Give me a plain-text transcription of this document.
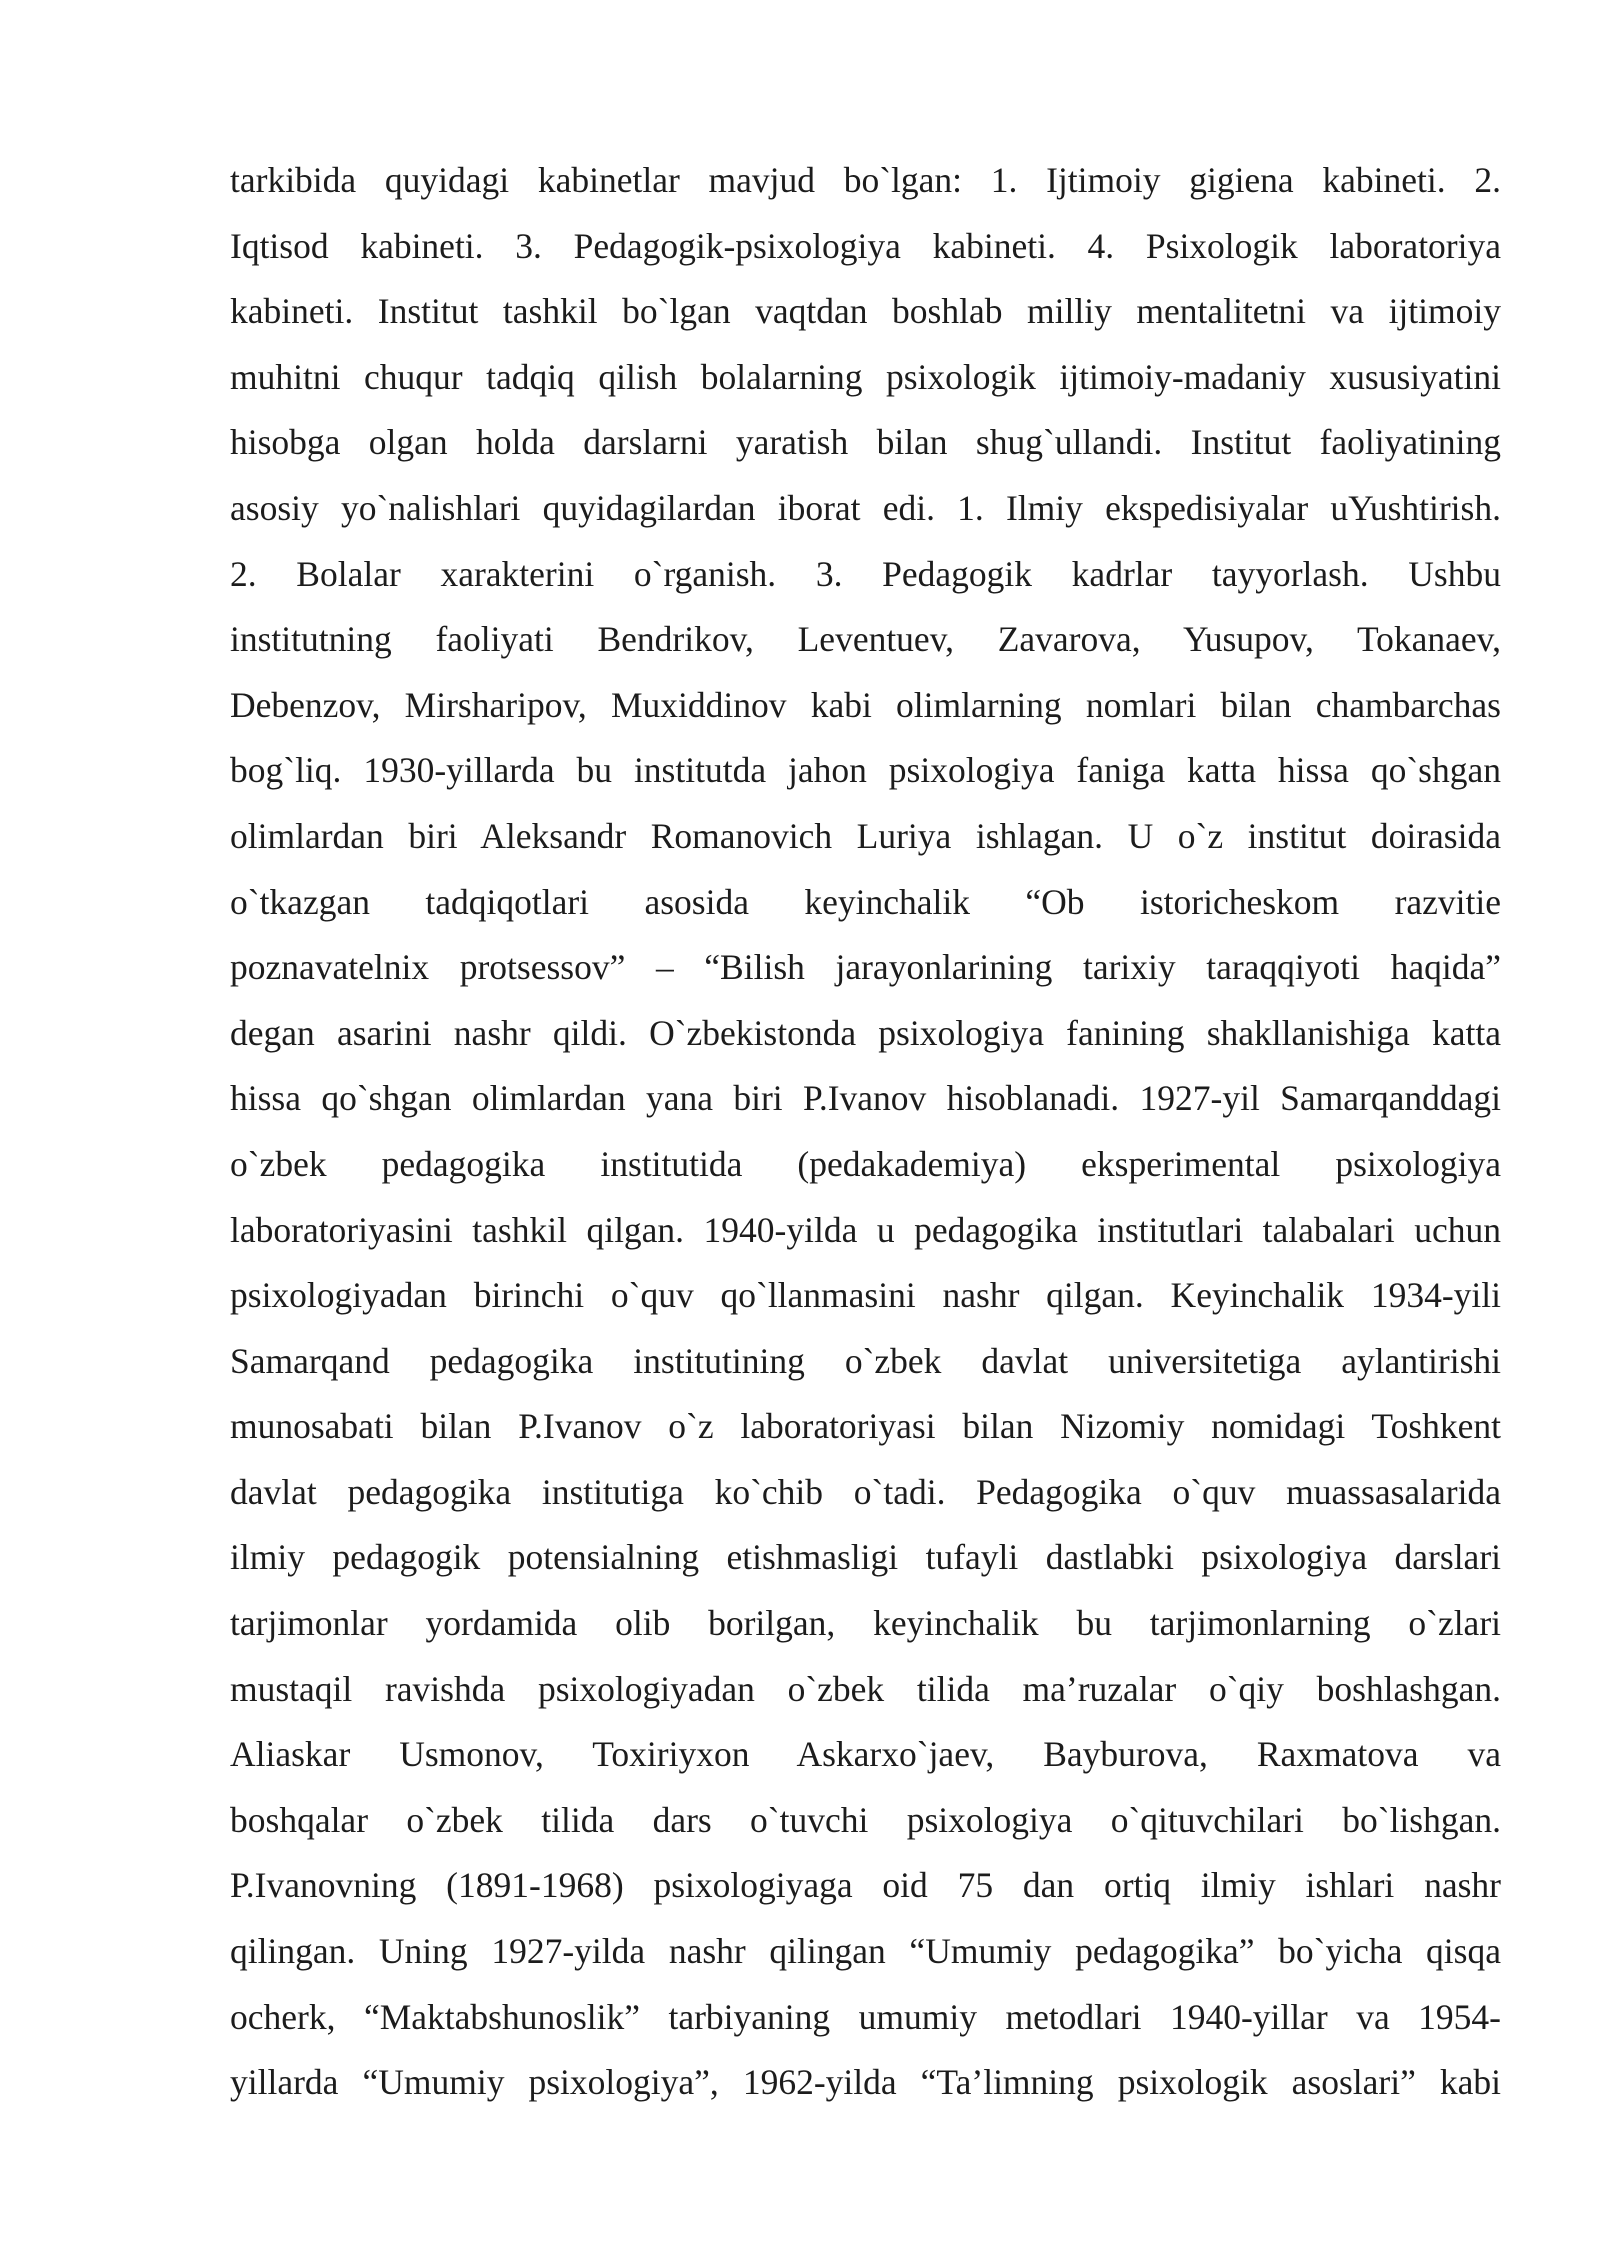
tarkibida quyidagi kabinetlar mavjud bo`lgan: 1. Ijtimoiy gigiena kabineti. 2.
Iqtisod kabineti. 3. Pedagogik-psixologiya kabineti. 4. Psixologik laboratoriya
kabineti. Institut tashkil bo`lgan vaqtdan boshlab milliy mentalitetni va ijtimoiy
muhitni chuqur tadqiq qilish bolalarning psixologik ijtimoiy-madaniy xususiyatini
hisobga olgan holda darslarni yaratish bilan shug`ullandi. Institut faoliyatining
asosiy yo`nalishlari quyidagilardan iborat edi. 1. Ilmiy ekspedisiyalar uYushtirish.
2. Bolalar xarakterini o`rganish. 3. Pedagogik kadrlar tayyorlash. Ushbu
institutning faoliyati Bendrikov, Leventuev, Zavarova, Yusupov, Tokanaev,
Debenzov, Mirsharipov, Muxiddinov kabi olimlarning nomlari bilan chambarchas
bog`liq. 1930-yillarda bu institutda jahon psixologiya faniga katta hissa qo`shgan
olimlardan biri Aleksandr Romanovich Luriya ishlagan. U o`z institut doirasida
o`tkazgan tadqiqotlari asosida keyinchalik “Ob istoricheskom razvitie
poznavatelnix protsessov” – “Bilish jarayonlarining tarixiy taraqqiyoti haqida”
degan asarini nashr qildi. O`zbekistonda psixologiya fanining shakllanishiga katta
hissa qo`shgan olimlardan yana biri P.Ivanov hisoblanadi. 1927-yil Samarqanddagi
o`zbek pedagogika institutida (pedakademiya) eksperimental psixologiya
laboratoriyasini tashkil qilgan. 1940-yilda u pedagogika institutlari talabalari uchun
psixologiyadan birinchi o`quv qo`llanmasini nashr qilgan. Keyinchalik 1934-yili
Samarqand pedagogika institutining o`zbek davlat universitetiga aylantirishi
munosabati bilan P.Ivanov o`z laboratoriyasi bilan Nizomiy nomidagi Toshkent
davlat pedagogika institutiga ko`chib o`tadi. Pedagogika o`quv muassasalarida
ilmiy pedagogik potensialning etishmasligi tufayli dastlabki psixologiya darslari
tarjimonlar yordamida olib borilgan, keyinchalik bu tarjimonlarning o`zlari
mustaqil ravishda psixologiyadan o`zbek tilida ma’ruzalar o`qiy boshlashgan.
Aliaskar Usmonov, Toxiriyxon Askarxo`jaev, Bayburova, Raxmatova va
boshqalar o`zbek tilida dars o`tuvchi psixologiya o`qituvchilari bo`lishgan.
P.Ivanovning (1891-1968) psixologiyaga oid 75 dan ortiq ilmiy ishlari nashr
qilingan. Uning 1927-yilda nashr qilingan “Umumiy pedagogika” bo`yicha qisqa
ocherk, “Maktabshunoslik” tarbiyaning umumiy metodlari 1940-yillar va 1954-
yillarda “Umumiy psixologiya”, 1962-yilda “Ta’limning psixologik asoslari” kabi
